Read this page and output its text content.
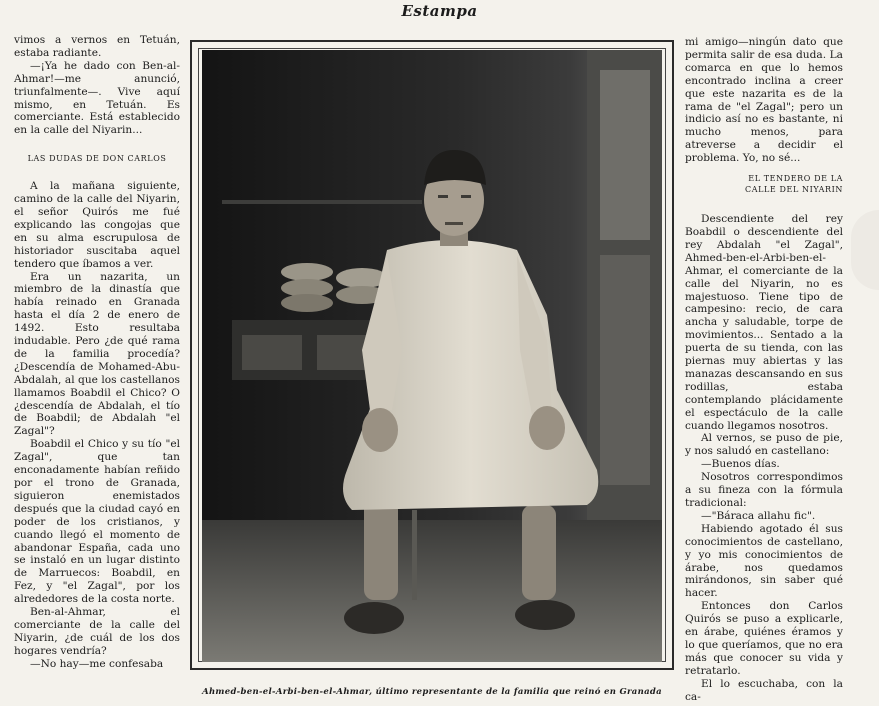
Estampa

vimos a vernos en Tetuán, estaba radiante.

—¡Ya he dado con Ben-al-Ahmar!—me anunció, triunfalmente—. Vive aquí mismo, en Tetuán. Es comerciante. Está establecido en la calle del Niyarin...

LAS DUDAS DE DON CARLOS

A la mañana siguiente, camino de la calle del Niyarin, el señor Quirós me fué explicando las congojas que en su alma escrupulosa de historiador suscitaba aquel tendero que íbamos a ver.

Era un nazarita, un miembro de la dinastía que había reinado en Granada hasta el día 2 de enero de 1492. Esto resultaba indudable. Pero ¿de qué rama de la familia procedía? ¿Descendía de Mohamed-Abu-Abdalah, al que los castellanos llamamos Boabdil el Chico? O ¿descendía de Abdalah, el tío de Boabdil; de Abdalah "el Zagal"?

Boabdil el Chico y su tío "el Zagal", que tan enconadamente habían reñido por el trono de Granada, siguieron enemistados después que la ciudad cayó en poder de los cristianos, y cuando llegó el momento de abandonar España, cada uno se instaló en un lugar distinto de Marruecos: Boabdil, en Fez, y "el Zagal", por los alrededores de la costa norte.

Ben-al-Ahmar, el comerciante de la calle del Niyarin, ¿de cuál de los dos hogares vendría?

—No hay—me confesaba

Ahmed-ben-el-Arbi-ben-el-Ahmar, último representante de la familia que reinó en Granada

mi amigo—ningún dato que permita salir de esa duda. La comarca en que lo hemos encontrado inclina a creer que este nazarita es de la rama de "el Zagal"; pero un indicio así no es bastante, ni mucho menos, para atreverse a decidir el problema. Yo, no sé...

EL TENDERO DE LA
CALLE DEL NIYARIN

Descendiente del rey Boabdil o descendiente del rey Abdalah "el Zagal", Ahmed-ben-el-Arbi-ben-el-Ahmar, el comerciante de la calle del Niyarin, no es majestuoso. Tiene tipo de campesino: recio, de cara ancha y saludable, torpe de movimientos... Sentado a la puerta de su tienda, con las piernas muy abiertas y las manazas descansando en sus rodillas, estaba contemplando plácidamente el espectáculo de la calle cuando llegamos nosotros.

Al vernos, se puso de pie, y nos saludó en castellano:

—Buenos días.

Nosotros correspondimos a su fineza con la fórmula tradicional:

—"Báraca allahu fic".

Habiendo agotado él sus conocimientos de castellano, y yo mis conocimientos de árabe, nos quedamos mirándonos, sin saber qué hacer.

Entonces don Carlos Quirós se puso a explicarle, en árabe, quiénes éramos y lo que queríamos, que no era más que conocer su vida y retratarlo.

El lo escuchaba, con la ca-
